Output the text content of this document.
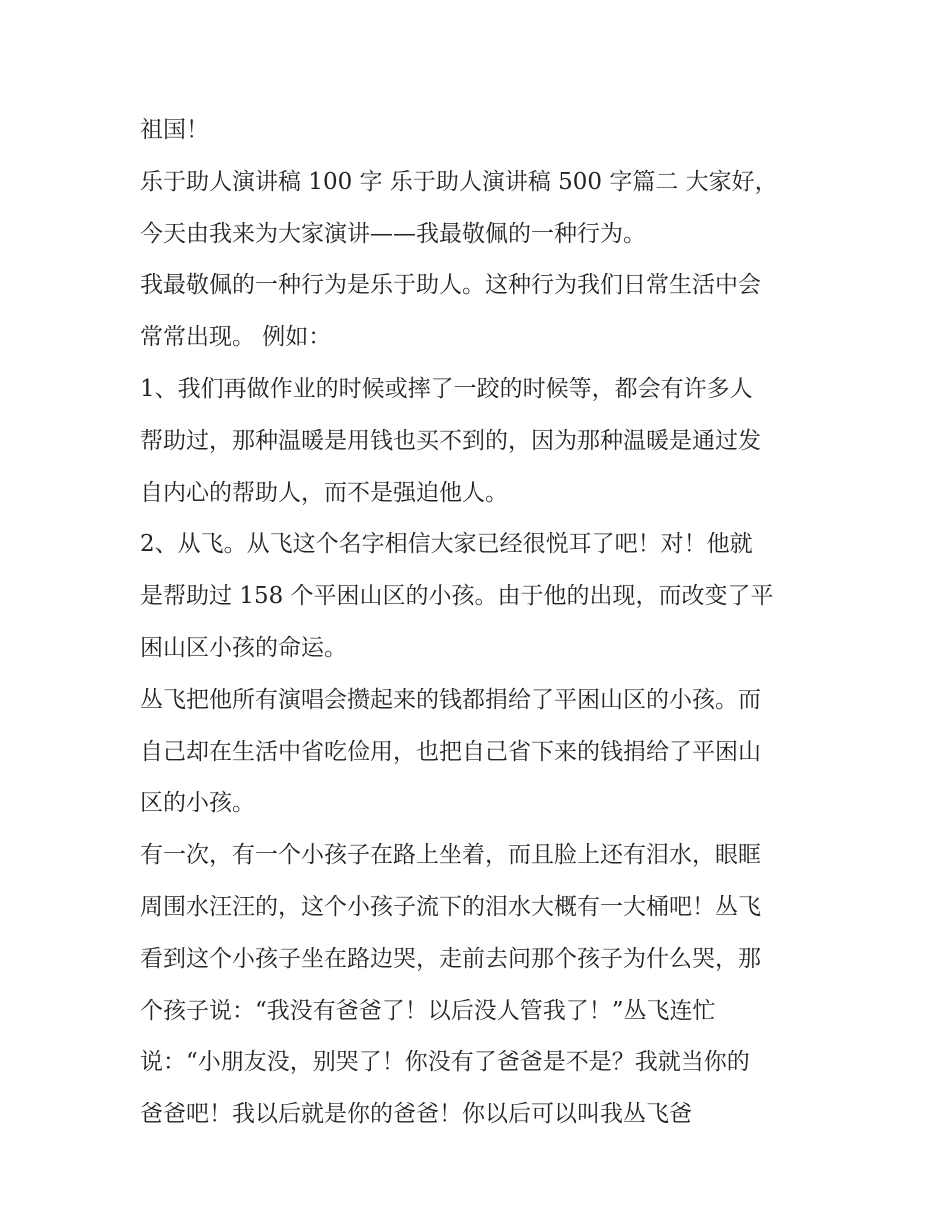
祖国！
乐于助人演讲稿 100 字 乐于助人演讲稿 500 字篇二 大家好，
今天由我来为大家演讲——我最敬佩的一种行为。
我最敬佩的一种行为是乐于助人。这种行为我们日常生活中会
常常出现。 例如：
1、我们再做作业的时候或摔了一跤的时候等，都会有许多人
帮助过，那种温暖是用钱也买不到的，因为那种温暖是通过发
自内心的帮助人，而不是强迫他人。
2、从飞。从飞这个名字相信大家已经很悦耳了吧！对！他就
是帮助过 158 个平困山区的小孩。由于他的出现，而改变了平
困山区小孩的命运。
丛飞把他所有演唱会攒起来的钱都捐给了平困山区的小孩。而
自己却在生活中省吃俭用，也把自己省下来的钱捐给了平困山
区的小孩。
有一次，有一个小孩子在路上坐着，而且脸上还有泪水，眼眶
周围水汪汪的，这个小孩子流下的泪水大概有一大桶吧！丛飞
看到这个小孩子坐在路边哭，走前去问那个孩子为什么哭，那
个孩子说：“我没有爸爸了！以后没人管我了！”丛飞连忙
说：“小朋友没，别哭了！你没有了爸爸是不是？我就当你的
爸爸吧！我以后就是你的爸爸！你以后可以叫我丛飞爸
